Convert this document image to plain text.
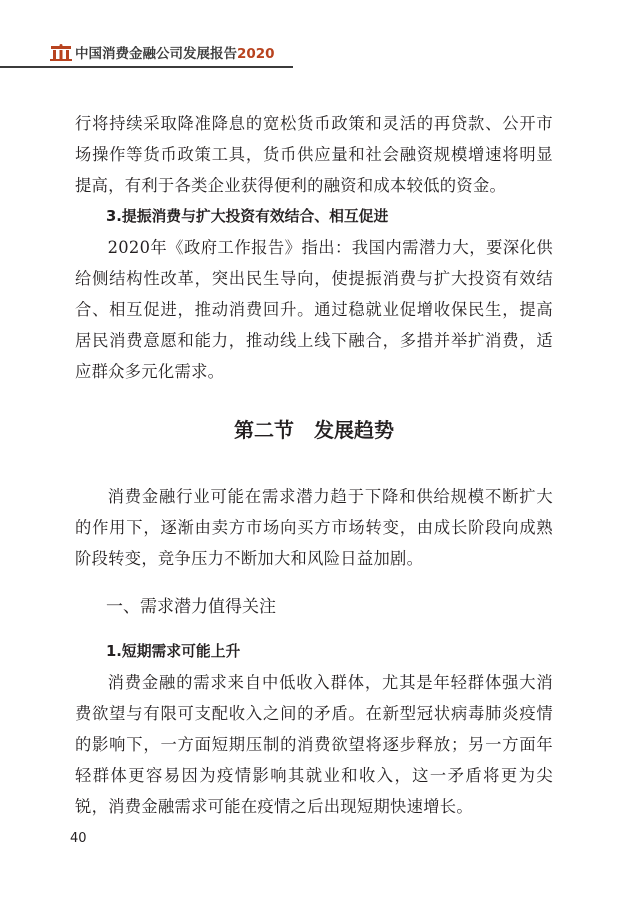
中国消费金融公司发展报告2020

行将持续采取降准降息的宽松货币政策和灵活的再贷款、公开市场操作等货币政策工具，货币供应量和社会融资规模增速将明显提高，有利于各类企业获得便利的融资和成本较低的资金。

3.提振消费与扩大投资有效结合、相互促进

2020年《政府工作报告》指出：我国内需潜力大，要深化供给侧结构性改革，突出民生导向，使提振消费与扩大投资有效结合、相互促进，推动消费回升。通过稳就业促增收保民生，提高居民消费意愿和能力，推动线上线下融合，多措并举扩消费，适应群众多元化需求。

第二节　发展趋势

消费金融行业可能在需求潜力趋于下降和供给规模不断扩大的作用下，逐渐由卖方市场向买方市场转变，由成长阶段向成熟阶段转变，竞争压力不断加大和风险日益加剧。

一、需求潜力值得关注

1.短期需求可能上升

消费金融的需求来自中低收入群体，尤其是年轻群体强大消费欲望与有限可支配收入之间的矛盾。在新型冠状病毒肺炎疫情的影响下，一方面短期压制的消费欲望将逐步释放；另一方面年轻群体更容易因为疫情影响其就业和收入，这一矛盾将更为尖锐，消费金融需求可能在疫情之后出现短期快速增长。

40
